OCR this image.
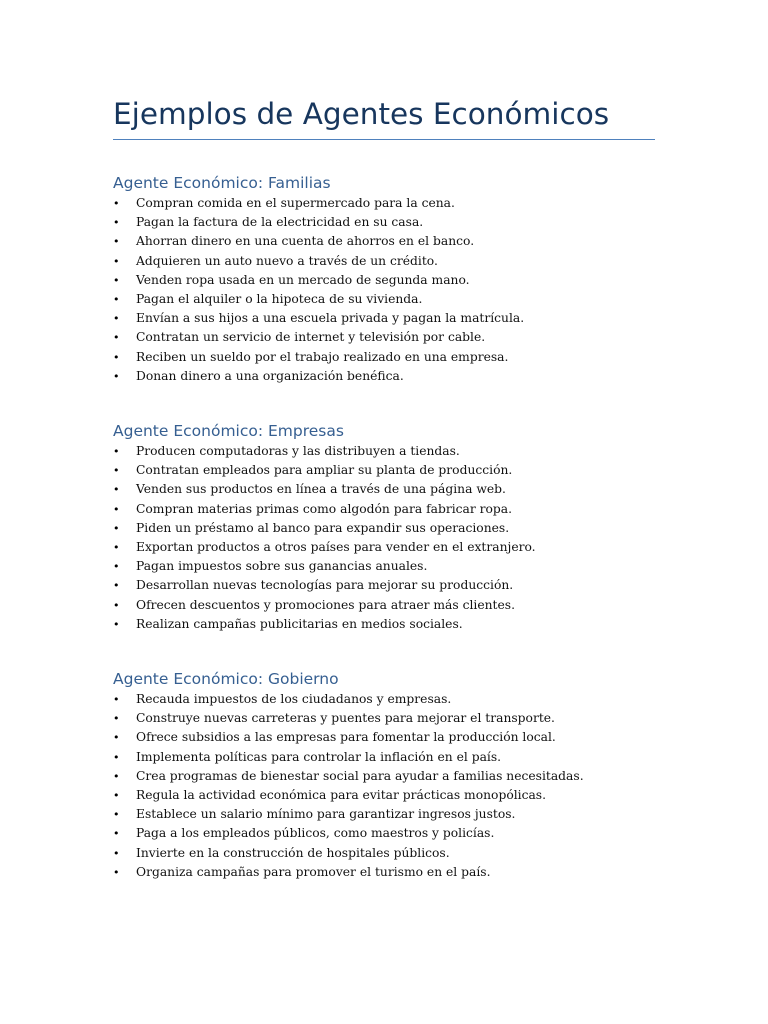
Ejemplos de Agentes Económicos
Agente Económico: Familias
•	Compran comida en el supermercado para la cena.
•	Pagan la factura de la electricidad en su casa.
•	Ahorran dinero en una cuenta de ahorros en el banco.
•	Adquieren un auto nuevo a través de un crédito.
•	Venden ropa usada en un mercado de segunda mano.
•	Pagan el alquiler o la hipoteca de su vivienda.
•	Envían a sus hijos a una escuela privada y pagan la matrícula.
•	Contratan un servicio de internet y televisión por cable.
•	Reciben un sueldo por el trabajo realizado en una empresa.
•	Donan dinero a una organización benéfica.
Agente Económico: Empresas
•	Producen computadoras y las distribuyen a tiendas.
•	Contratan empleados para ampliar su planta de producción.
•	Venden sus productos en línea a través de una página web.
•	Compran materias primas como algodón para fabricar ropa.
•	Piden un préstamo al banco para expandir sus operaciones.
•	Exportan productos a otros países para vender en el extranjero.
•	Pagan impuestos sobre sus ganancias anuales.
•	Desarrollan nuevas tecnologías para mejorar su producción.
•	Ofrecen descuentos y promociones para atraer más clientes.
•	Realizan campañas publicitarias en medios sociales.
Agente Económico: Gobierno
•	Recauda impuestos de los ciudadanos y empresas.
•	Construye nuevas carreteras y puentes para mejorar el transporte.
•	Ofrece subsidios a las empresas para fomentar la producción local.
•	Implementa políticas para controlar la inflación en el país.
•	Crea programas de bienestar social para ayudar a familias necesitadas.
•	Regula la actividad económica para evitar prácticas monopólicas.
•	Establece un salario mínimo para garantizar ingresos justos.
•	Paga a los empleados públicos, como maestros y policías.
•	Invierte en la construcción de hospitales públicos.
•	Organiza campañas para promover el turismo en el país.
